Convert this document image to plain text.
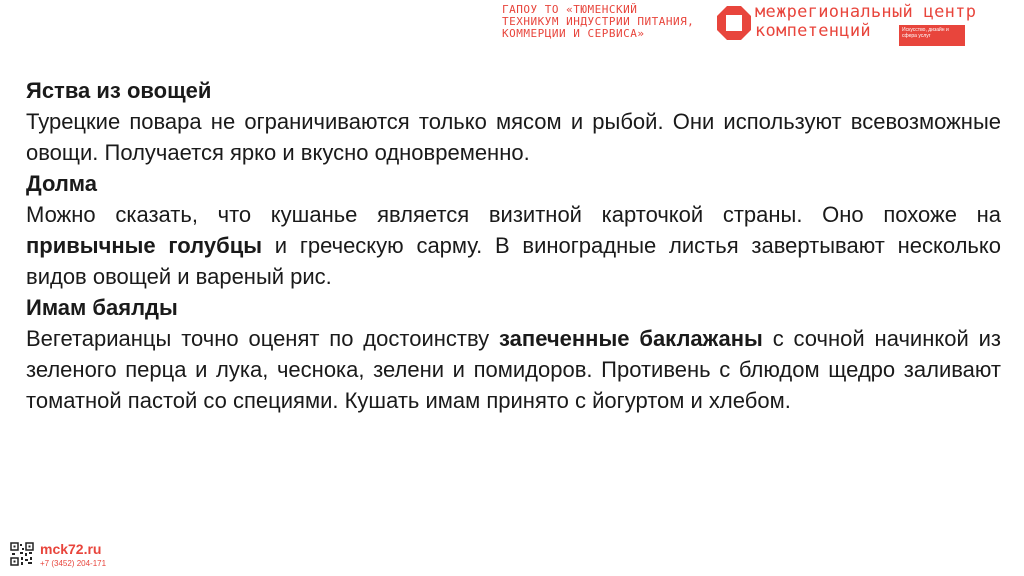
ГАПОУ ТО «ТЮМЕНСКИЙ
ТЕХНИКУМ ИНДУСТРИИ ПИТАНИЯ,
КОММЕРЦИИ И СЕРВИСА»
межрегиональный центр
компетенций	Искусство, дизайн и сфера услуг

Яства из овощей

Турецкие повара не ограничиваются только мясом и рыбой. Они используют всевозможные овощи. Получается ярко и вкусно одновременно.

Долма

Можно сказать, что кушанье является визитной карточкой страны. Оно похоже на привычные голубцы и греческую сарму. В виноградные листья завертывают несколько видов овощей и вареный рис.

Имам баялды

Вегетарианцы точно оценят по достоинству запеченные баклажаны с сочной начинкой из зеленого перца и лука, чеснока, зелени и помидоров. Противень с блюдом щедро заливают томатной пастой со специями. Кушать имам принято с йогуртом и хлебом.

mck72.ru
+7 (3452) 204-171
